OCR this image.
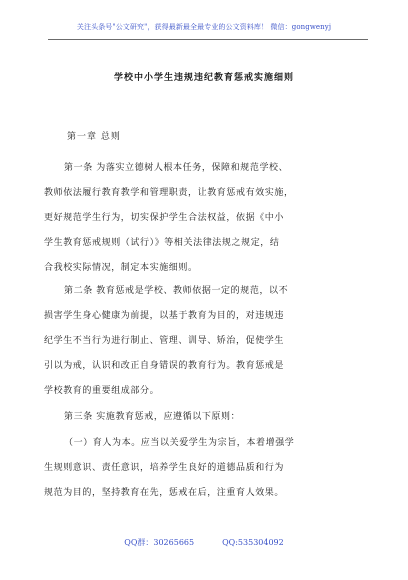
关注头条号"公文研究"，获得最新最全最专业的公文资料库！ 微信：gongwenyj
学校中小学生违规违纪教育惩戒实施细则
第一章 总则
第一条 为落实立德树人根本任务，保障和规范学校、
教师依法履行教育教学和管理职责，让教育惩戒有效实施，
更好规范学生行为，切实保护学生合法权益，依据《中小
学生教育惩戒规则（试行）》等相关法律法规之规定，结
合我校实际情况，制定本实施细则。
第二条 教育惩戒是学校、教师依据一定的规范，以不
损害学生身心健康为前提，以基于教育为目的，对违规违
纪学生不当行为进行制止、管理、训导、矫治，促使学生
引以为戒，认识和改正自身错误的教育行为。教育惩戒是
学校教育的重要组成部分。
第三条 实施教育惩戒，应遵循以下原则：
（一）育人为本。应当以关爱学生为宗旨，本着增强学
生规则意识、责任意识，培养学生良好的道德品质和行为
规范为目的，坚持教育在先，惩戒在后，注重育人效果。
QQ群：30265665	QQ:535304092
